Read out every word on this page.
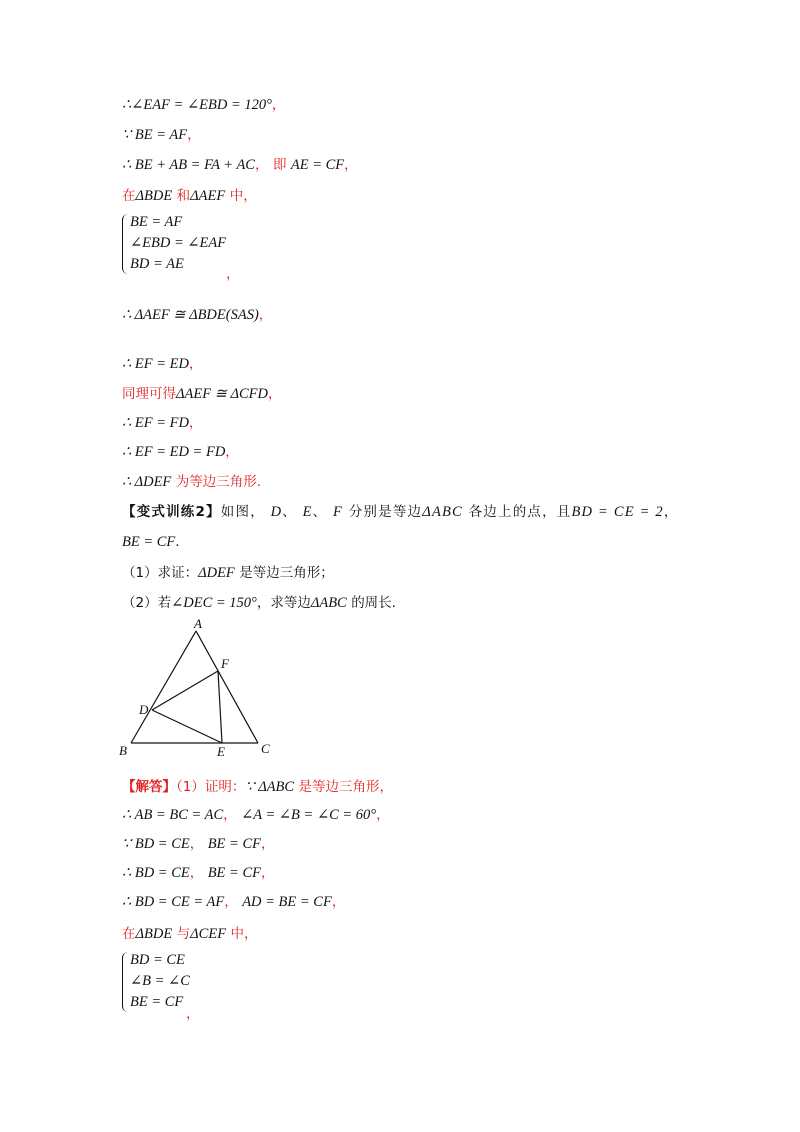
∴∠EAF = ∠EBD = 120°，
∵ BE = AF，
∴ BE + AB = FA + AC， 即 AE = CF，
在ΔBDE 和ΔAEF 中，
BE = AF
∠EBD = ∠EAF
BD = AE
，
∴ ΔAEF ≅ ΔBDE(SAS)，
∴ EF = ED，
同理可得ΔAEF ≅ ΔCFD，
∴ EF = FD，
∴ EF = ED = FD，
∴ ΔDEF 为等边三角形.
【变式训练2】如图， D、 E、 F 分别是等边ΔABC 各边上的点，且BD = CE = 2，
BE = CF.
（1）求证：ΔDEF 是等边三角形；
（2）若∠DEC = 150°，求等边ΔABC 的周长.
A
B	C
D
E
F
【解答】（1）证明：∵ ΔABC 是等边三角形，
∴ AB = BC = AC， ∠A = ∠B = ∠C = 60°，
∵ BD = CE， BE = CF，
∴ BD = CE， BE = CF，
∴ BD = CE = AF， AD = BE = CF，
在ΔBDE 与ΔCEF 中，
BD = CE
∠B = ∠C
BE = CF
，
